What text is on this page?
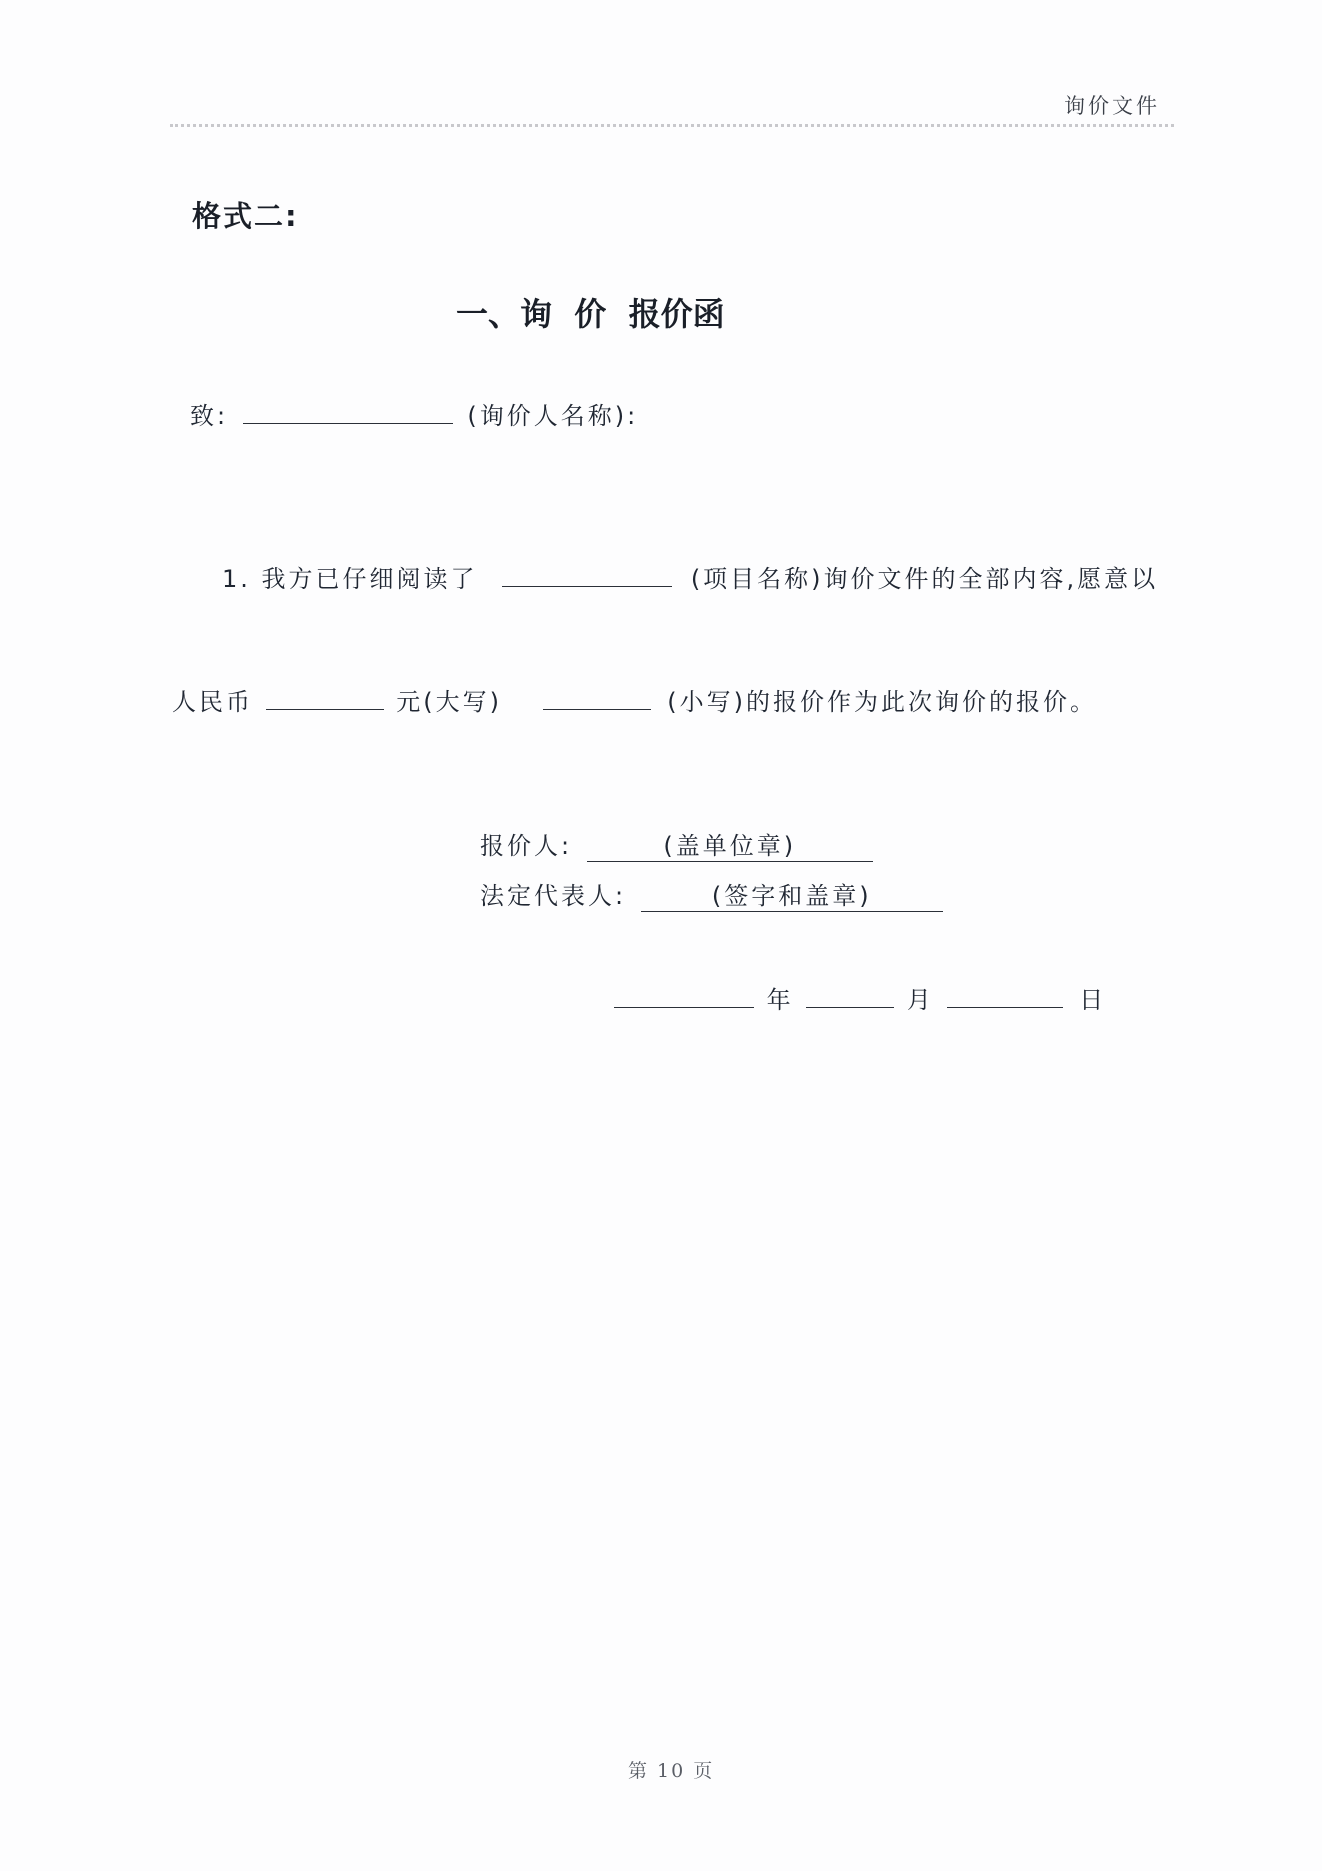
询价文件
格式二:
一、询  价  报价函
致:	(询价人名称):
1. 我方已仔细阅读了	(项目名称)询价文件的全部内容,愿意以
人民币	元(大写)	(小写)的报价作为此次询价的报价。
报价人:	(盖单位章)
法定代表人:	(签字和盖章)
年	月	日
第 10 页
